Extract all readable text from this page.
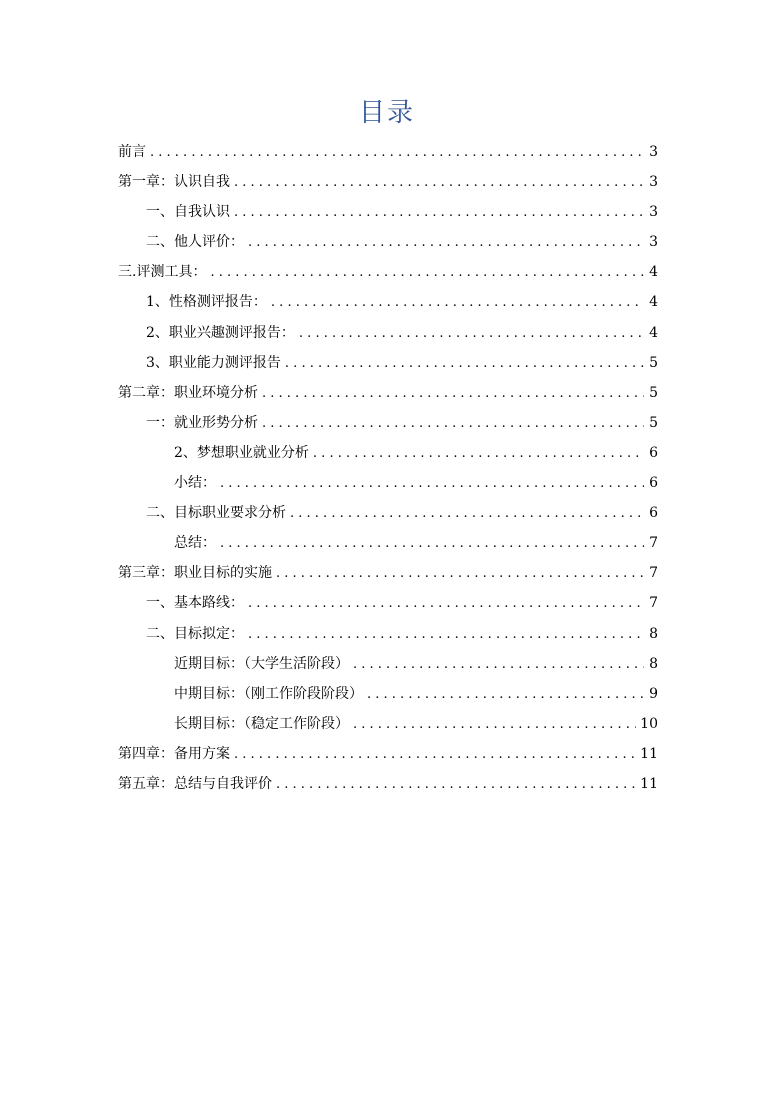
目录
前言 . . .	3
第一章：认识自我 . . .	3
一、自我认识 . . .	3
二、他人评价： . . .	3
三.评测工具： . . .	4
1、性格测评报告： . . .	4
2、职业兴趣测评报告： . . .	4
3、职业能力测评报告 . . .	5
第二章：职业环境分析 . . .	5
一：就业形势分析 . . .	5
2、梦想职业就业分析 . . .	6
小结： . . .	6
二、目标职业要求分析 . . .	6
总结： . . .	7
第三章：职业目标的实施 . . .	7
一、基本路线： . . .	7
二、目标拟定： . . .	8
近期目标：（大学生活阶段） . . .	8
中期目标：（刚工作阶段阶段） . . .	9
长期目标：（稳定工作阶段） . . .	10
第四章：备用方案 . . .	11
第五章：总结与自我评价 . . .	11
